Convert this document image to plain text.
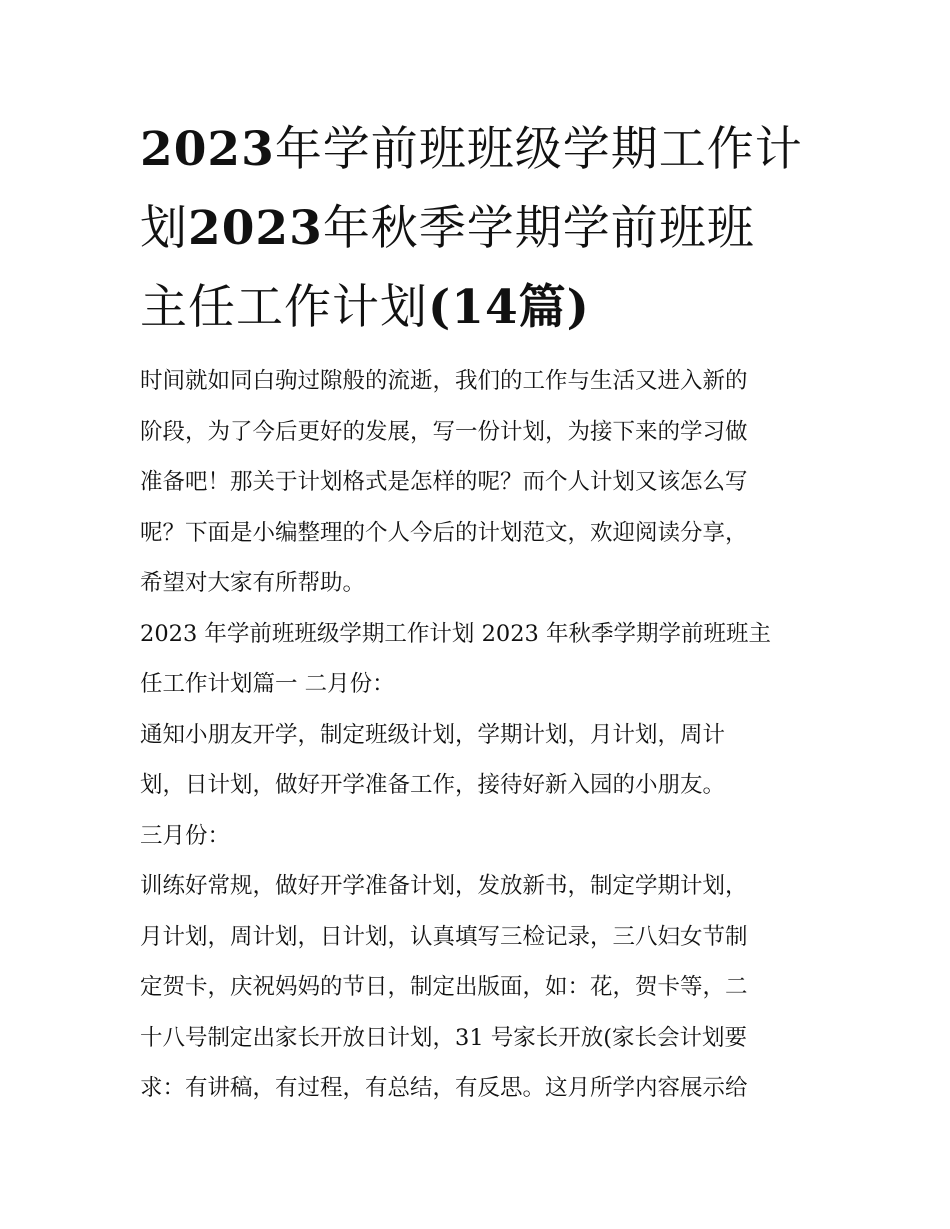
2023年学前班班级学期工作计
划2023年秋季学期学前班班
主任工作计划(14篇)

时间就如同白驹过隙般的流逝，我们的工作与生活又进入新的
阶段，为了今后更好的发展，写一份计划，为接下来的学习做
准备吧！那关于计划格式是怎样的呢？而个人计划又该怎么写
呢？下面是小编整理的个人今后的计划范文，欢迎阅读分享，
希望对大家有所帮助。

2023 年学前班班级学期工作计划 2023 年秋季学期学前班班主
任工作计划篇一 二月份：

通知小朋友开学，制定班级计划，学期计划，月计划，周计
划，日计划，做好开学准备工作，接待好新入园的小朋友。

三月份：

训练好常规，做好开学准备计划，发放新书，制定学期计划，
月计划，周计划，日计划，认真填写三检记录，三八妇女节制
定贺卡，庆祝妈妈的节日，制定出版面，如：花，贺卡等，二
十八号制定出家长开放日计划，31 号家长开放(家长会计划要
求：有讲稿，有过程，有总结，有反思。这月所学内容展示给
